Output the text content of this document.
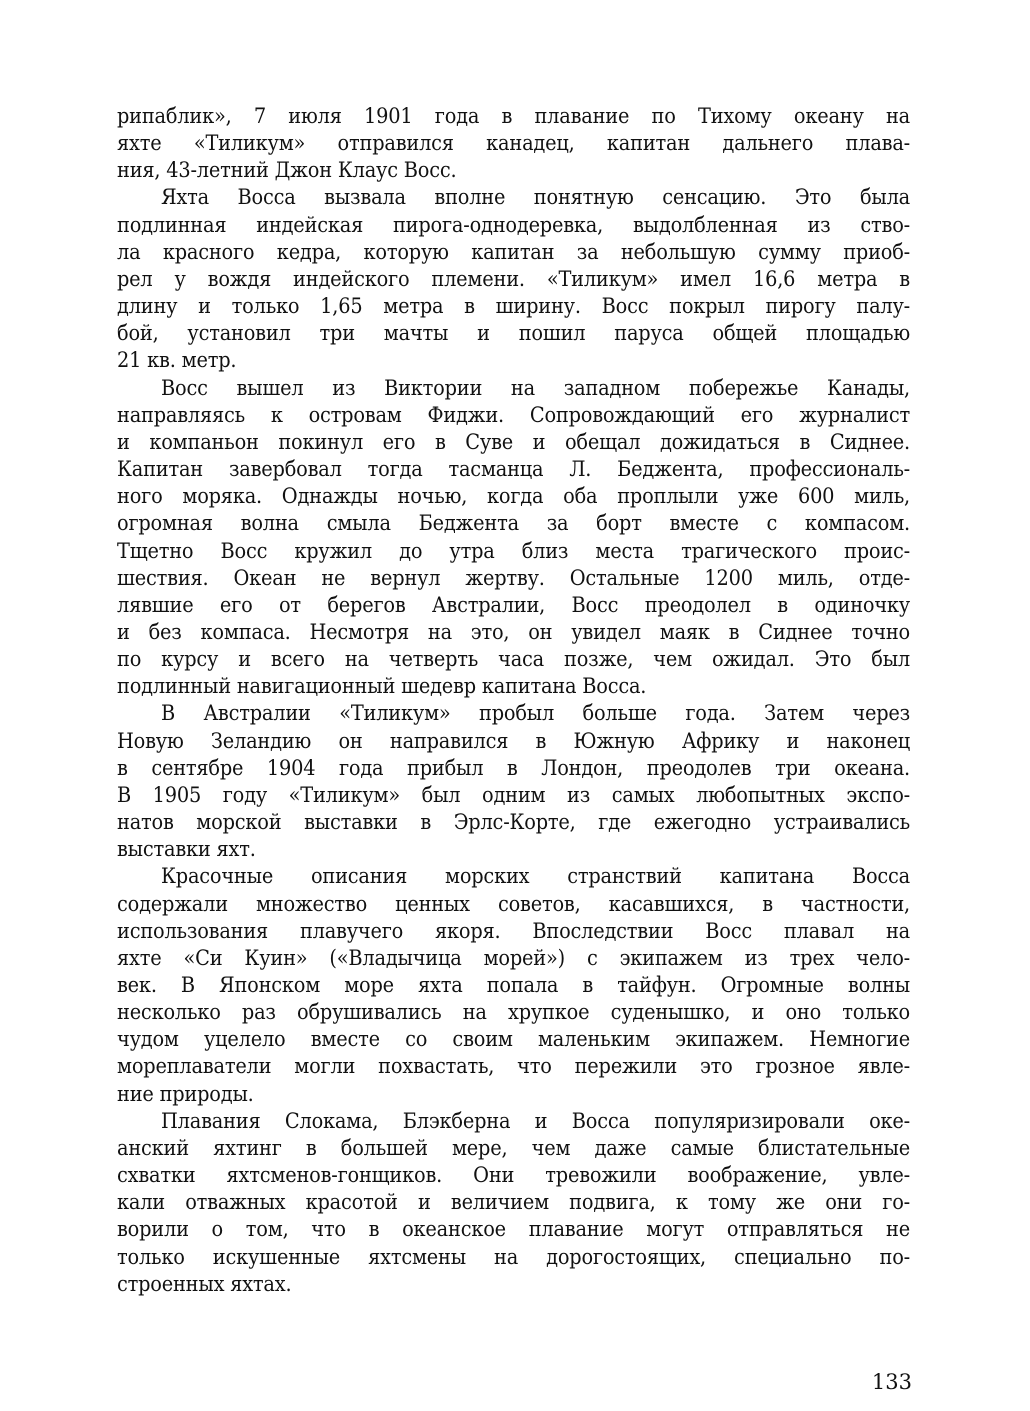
рипаблик», 7 июля 1901 года в плавание по Тихому океану на
яхте «Тиликум» отправился канадец, капитан дальнего плава-
ния, 43-летний Джон Клаус Восс.
Яхта Восса вызвала вполне понятную сенсацию. Это была
подлинная индейская пирога-однодеревка, выдолбленная из ство-
ла красного кедра, которую капитан за небольшую сумму приоб-
рел у вождя индейского племени. «Тиликум» имел 16,6 метра в
длину и только 1,65 метра в ширину. Восс покрыл пирогу палу-
бой, установил три мачты и пошил паруса общей площадью
21 кв. метр.
Восс вышел из Виктории на западном побережье Канады,
направляясь к островам Фиджи. Сопровождающий его журналист
и компаньон покинул его в Суве и обещал дожидаться в Сиднее.
Капитан завербовал тогда тасманца Л. Беджента, профессиональ-
ного моряка. Однажды ночью, когда оба проплыли уже 600 миль,
огромная волна смыла Беджента за борт вместе с компасом.
Тщетно Восс кружил до утра близ места трагического проис-
шествия. Океан не вернул жертву. Остальные 1200 миль, отде-
лявшие его от берегов Австралии, Восс преодолел в одиночку
и без компаса. Несмотря на это, он увидел маяк в Сиднее точно
по курсу и всего на четверть часа позже, чем ожидал. Это был
подлинный навигационный шедевр капитана Восса.
В Австралии «Тиликум» пробыл больше года. Затем через
Новую Зеландию он направился в Южную Африку и наконец
в сентябре 1904 года прибыл в Лондон, преодолев три океана.
В 1905 году «Тиликум» был одним из самых любопытных экспо-
натов морской выставки в Эрлс-Корте, где ежегодно устраивались
выставки яхт.
Красочные описания морских странствий капитана Восса
содержали множество ценных советов, касавшихся, в частности,
использования плавучего якоря. Впоследствии Восс плавал на
яхте «Си Куин» («Владычица морей») с экипажем из трех чело-
век. В Японском море яхта попала в тайфун. Огромные волны
несколько раз обрушивались на хрупкое суденышко, и оно только
чудом уцелело вместе со своим маленьким экипажем. Немногие
мореплаватели могли похвастать, что пережили это грозное явле-
ние природы.
Плавания Слокама, Блэкберна и Восса популяризировали оке-
анский яхтинг в большей мере, чем даже самые блистательные
схватки яхтсменов-гонщиков. Они тревожили воображение, увле-
кали отважных красотой и величием подвига, к тому же они го-
ворили о том, что в океанское плавание могут отправляться не
только искушенные яхтсмены на дорогостоящих, специально по-
строенных яхтах.
133
